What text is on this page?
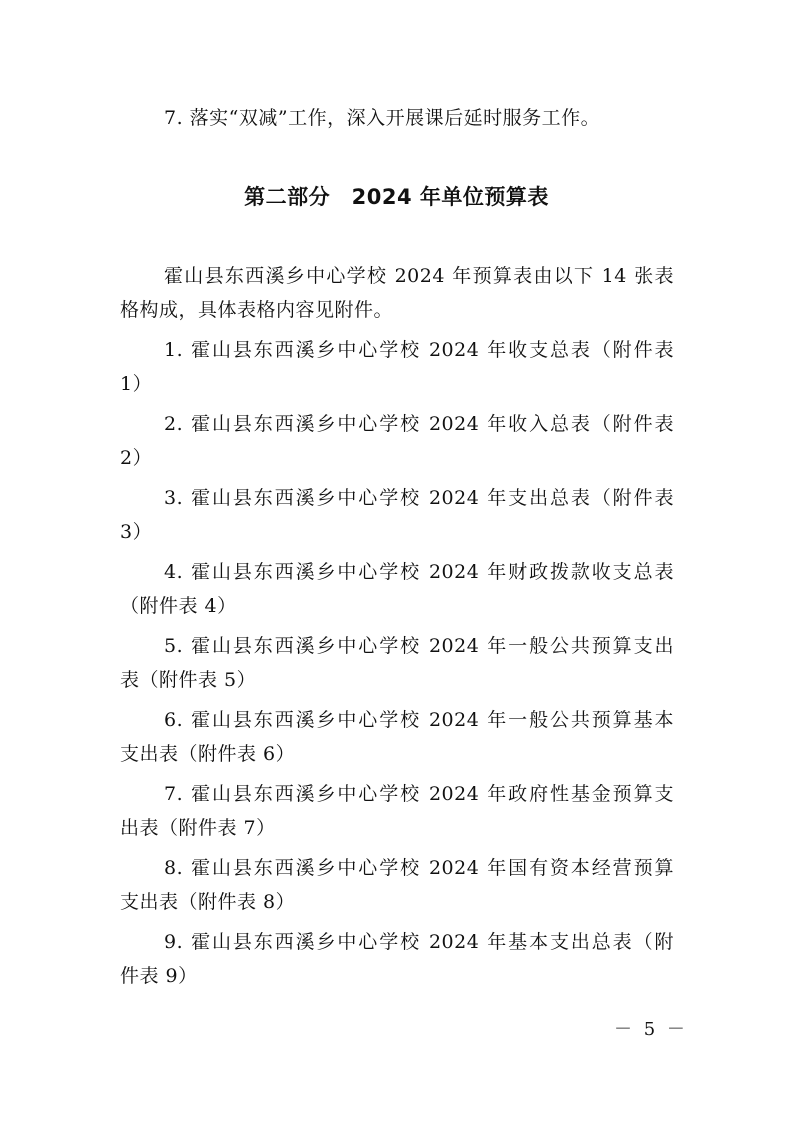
7. 落实“双减”工作，深入开展课后延时服务工作。
第二部分　2024 年单位预算表
霍山县东西溪乡中心学校 2024 年预算表由以下 14 张表
格构成，具体表格内容见附件。
1. 霍山县东西溪乡中心学校 2024 年收支总表（附件表
1）
2. 霍山县东西溪乡中心学校 2024 年收入总表（附件表
2）
3. 霍山县东西溪乡中心学校 2024 年支出总表（附件表
3）
4. 霍山县东西溪乡中心学校 2024 年财政拨款收支总表
（附件表 4）
5. 霍山县东西溪乡中心学校 2024 年一般公共预算支出
表（附件表 5）
6. 霍山县东西溪乡中心学校 2024 年一般公共预算基本
支出表（附件表 6）
7. 霍山县东西溪乡中心学校 2024 年政府性基金预算支
出表（附件表 7）
8. 霍山县东西溪乡中心学校 2024 年国有资本经营预算
支出表（附件表 8）
9. 霍山县东西溪乡中心学校 2024 年基本支出总表（附
件表 9）
－ 5 －
